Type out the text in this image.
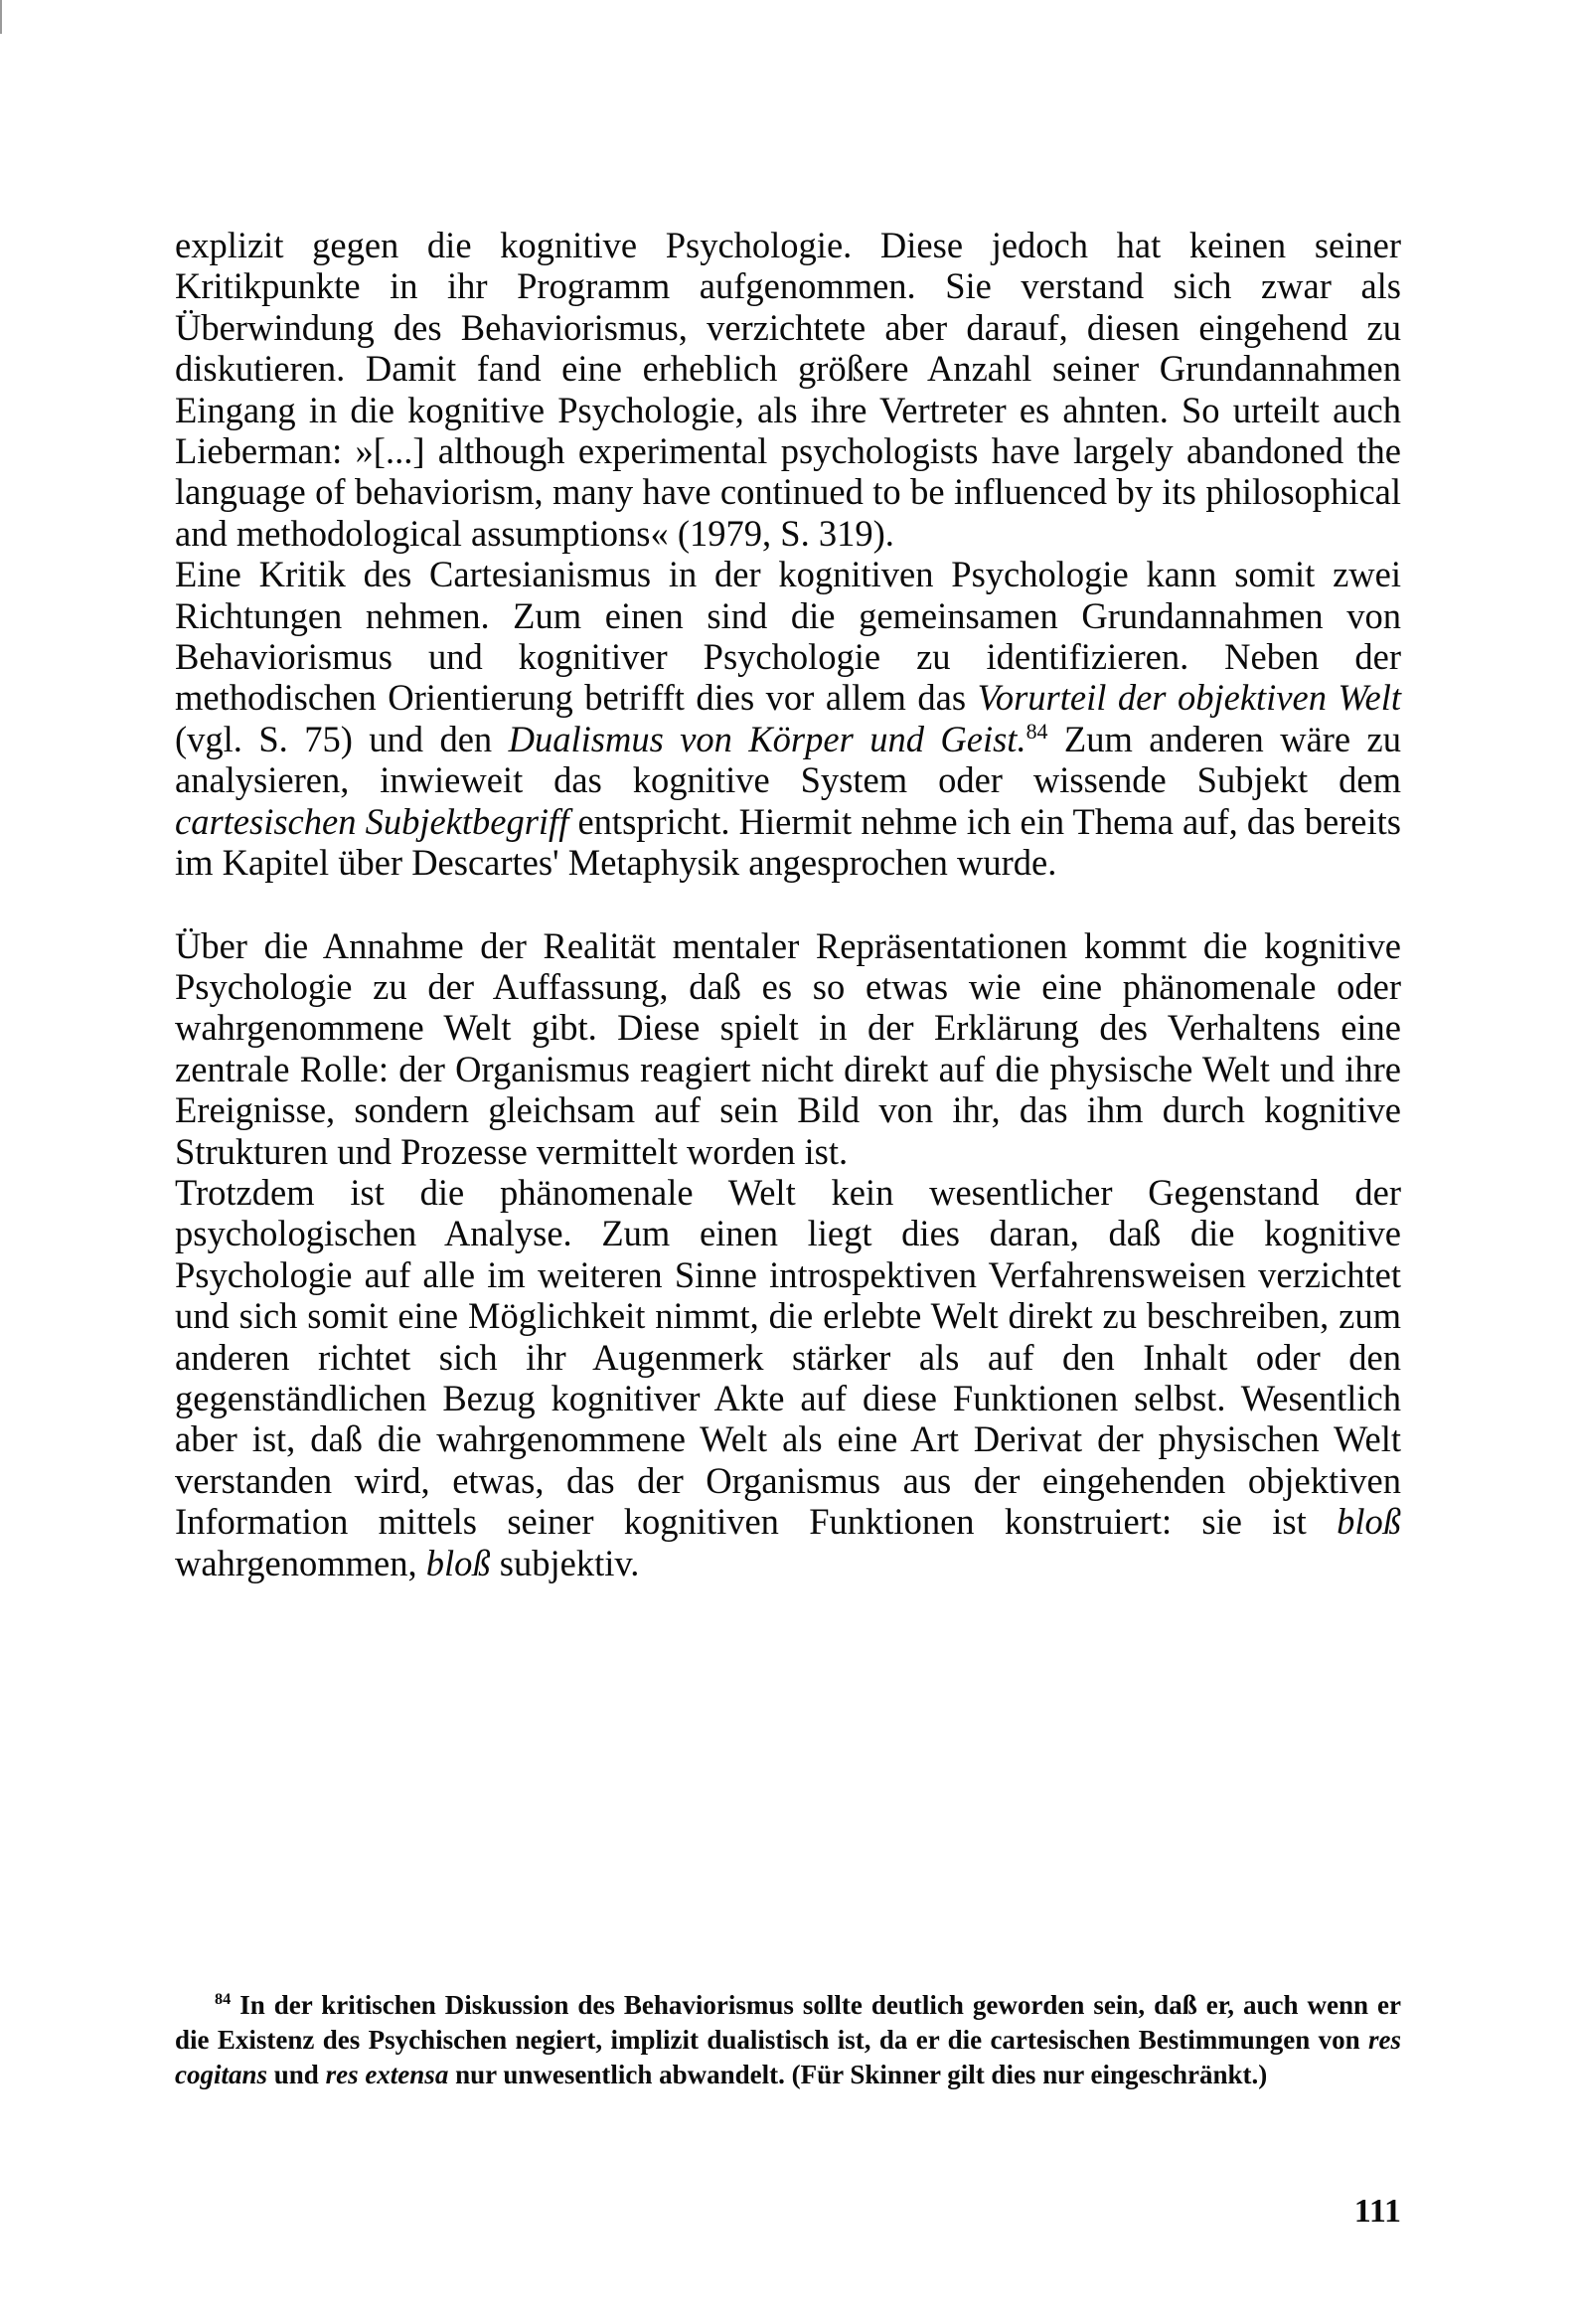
explizit gegen die kognitive Psychologie. Diese jedoch hat keinen seiner Kritikpunkte in ihr Programm aufgenommen. Sie verstand sich zwar als Überwindung des Behaviorismus, verzichtete aber darauf, diesen eingehend zu diskutieren. Damit fand eine erheblich größere Anzahl seiner Grundannahmen Eingang in die kognitive Psychologie, als ihre Vertreter es ahnten. So urteilt auch Lieberman: »[...] although experimental psychologists have largely abandoned the language of behaviorism, many have continued to be influenced by its philosophical and methodological assumptions« (1979, S. 319).

Eine Kritik des Cartesianismus in der kognitiven Psychologie kann somit zwei Richtungen nehmen. Zum einen sind die gemeinsamen Grundannahmen von Behaviorismus und kognitiver Psychologie zu identifizieren. Neben der methodischen Orientierung betrifft dies vor allem das Vorurteil der objektiven Welt (vgl. S. 75) und den Dualismus von Körper und Geist.$^{84}$ Zum anderen wäre zu analysieren, inwieweit das kognitive System oder wissende Subjekt dem cartesischen Subjektbegriff entspricht. Hiermit nehme ich ein Thema auf, das bereits im Kapitel über Descartes' Metaphysik angesprochen wurde.

Über die Annahme der Realität mentaler Repräsentationen kommt die kognitive Psychologie zu der Auffassung, daß es so etwas wie eine phänomenale oder wahrgenommene Welt gibt. Diese spielt in der Erklärung des Verhaltens eine zentrale Rolle: der Organismus reagiert nicht direkt auf die physische Welt und ihre Ereignisse, sondern gleichsam auf sein Bild von ihr, das ihm durch kognitive Strukturen und Prozesse vermittelt worden ist.

Trotzdem ist die phänomenale Welt kein wesentlicher Gegenstand der psychologischen Analyse. Zum einen liegt dies daran, daß die kognitive Psychologie auf alle im weiteren Sinne introspektiven Verfahrensweisen verzichtet und sich somit eine Möglichkeit nimmt, die erlebte Welt direkt zu beschreiben, zum anderen richtet sich ihr Augenmerk stärker als auf den Inhalt oder den gegenständlichen Bezug kognitiver Akte auf diese Funktionen selbst. Wesentlich aber ist, daß die wahrgenommene Welt als eine Art Derivat der physischen Welt verstanden wird, etwas, das der Organismus aus der eingehenden objektiven Information mittels seiner kognitiven Funktionen konstruiert: sie ist bloß wahrgenommen, bloß subjektiv.

$^{84}$ In der kritischen Diskussion des Behaviorismus sollte deutlich geworden sein, daß er, auch wenn er die Existenz des Psychischen negiert, implizit dualistisch ist, da er die cartesischen Bestimmungen von res cogitans und res extensa nur unwesentlich abwandelt. (Für Skinner gilt dies nur eingeschränkt.)
111
